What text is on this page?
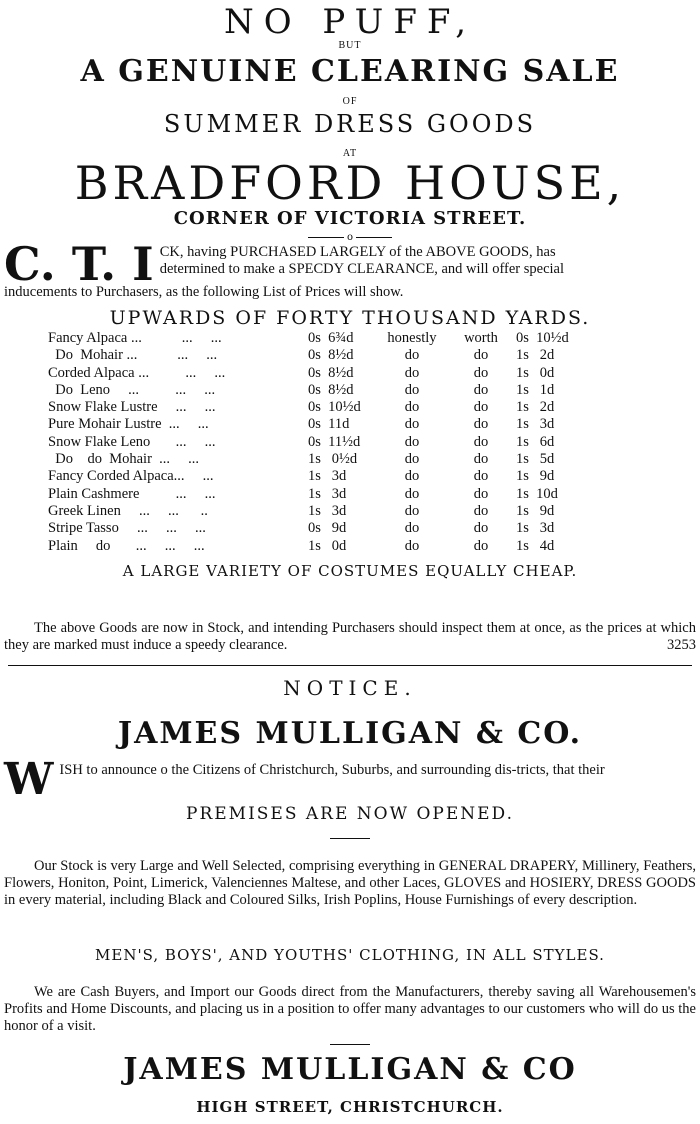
NO PUFF,
BUT
A GENUINE CLEARING SALE
OF
SUMMER DRESS GOODS
AT
BRADFORD HOUSE,
CORNER OF VICTORIA STREET.
o
C. T. I CK, having PURCHASED LARGELY of the ABOVE GOODS, has
determined to make a SPECDY CLEARANCE, and will offer special
inducements to Purchasers, as the following List of Prices will show.
UPWARDS OF FORTY THOUSAND YARDS.
Fancy Alpaca ...           ...     ...	0s  6¾d	honestly	worth	0s  10½d
Do  Mohair ...           ...     ...	0s  8½d	do	do	1s   2d
Corded Alpaca ...          ...     ...	0s  8½d	do	do	1s   0d
Do  Leno     ...          ...     ...	0s  8½d	do	do	1s   1d
Snow Flake Lustre     ...     ...	0s  10½d	do	do	1s   2d
Pure Mohair Lustre  ...     ...	0s  11d	do	do	1s   3d
Snow Flake Leno       ...     ...	0s  11½d	do	do	1s   6d
Do    do  Mohair  ...     ...	1s   0½d	do	do	1s   5d
Fancy Corded Alpaca...     ...	1s   3d	do	do	1s   9d
Plain Cashmere          ...     ...	1s   3d	do	do	1s  10d
Greek Linen     ...     ...      ..	1s   3d	do	do	1s   9d
Stripe Tasso     ...     ...     ...	0s   9d	do	do	1s   3d
Plain     do       ...     ...     ...	1s   0d	do	do	1s   4d
A LARGE VARIETY OF COSTUMES EQUALLY CHEAP.
The above Goods are now in Stock, and intending Purchasers should inspect them at once, as the prices at which they are marked must induce a speedy clearance.	3253
NOTICE.
JAMES MULLIGAN & CO.
W ISH to announce o the Citizens of Christchurch, Suburbs, and surrounding dis-tricts, that their
PREMISES ARE NOW OPENED.
Our Stock is very Large and Well Selected, comprising everything in GENERAL DRAPERY, Millinery, Feathers, Flowers, Honiton, Point, Limerick, Valenciennes Maltese, and other Laces, GLOVES and HOSIERY, DRESS GOODS in every material, including Black and Coloured Silks, Irish Poplins, House Furnishings of every description.
MEN'S, BOYS', AND YOUTHS' CLOTHING, IN ALL STYLES.
We are Cash Buyers, and Import our Goods direct from the Manufacturers, thereby saving all Warehousemen's Profits and Home Discounts, and placing us in a position to offer many advantages to our customers who will do us the honor of a visit.
JAMES MULLIGAN & CO
HIGH STREET, CHRISTCHURCH.
